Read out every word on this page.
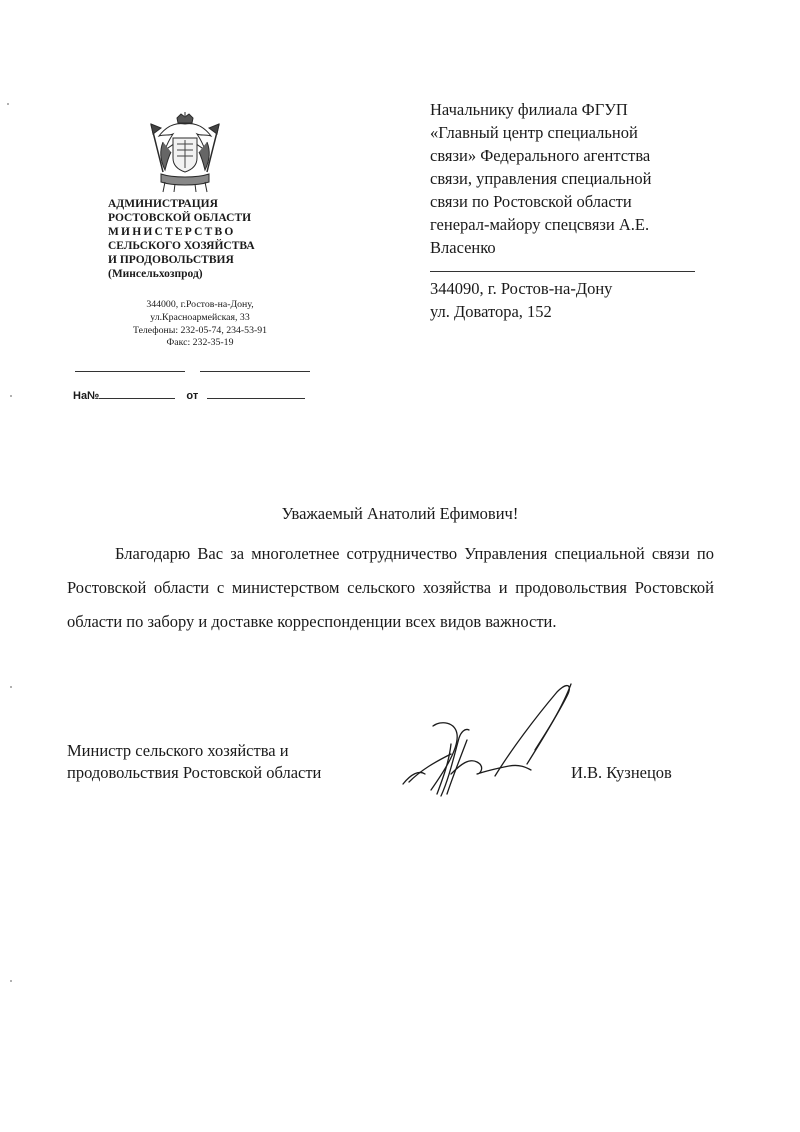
АДМИНИСТРАЦИЯ
РОСТОВСКОЙ ОБЛАСТИ
МИНИСТЕРСТВО
СЕЛЬСКОГО ХОЗЯЙСТВА
И ПРОДОВОЛЬСТВИЯ
(Минсельхозпрод)
344000, г.Ростов-на-Дону,
ул.Красноармейская, 33
Телефоны: 232-05-74, 234-53-91
Факс: 232-35-19
На№	от
Начальнику филиала ФГУП
«Главный центр специальной
связи» Федерального агентства
связи, управления специальной
связи по Ростовской области
генерал-майору спецсвязи А.Е.
Власенко
344090, г. Ростов-на-Дону
ул. Доватора, 152
Уважаемый Анатолий Ефимович!
Благодарю Вас за многолетнее сотрудничество Управления специальной связи по Ростовской области с министерством сельского хозяйства и продовольствия Ростовской области по забору и доставке корреспонденции всех видов важности.
Министр сельского хозяйства и
продовольствия Ростовской области	И.В. Кузнецов
